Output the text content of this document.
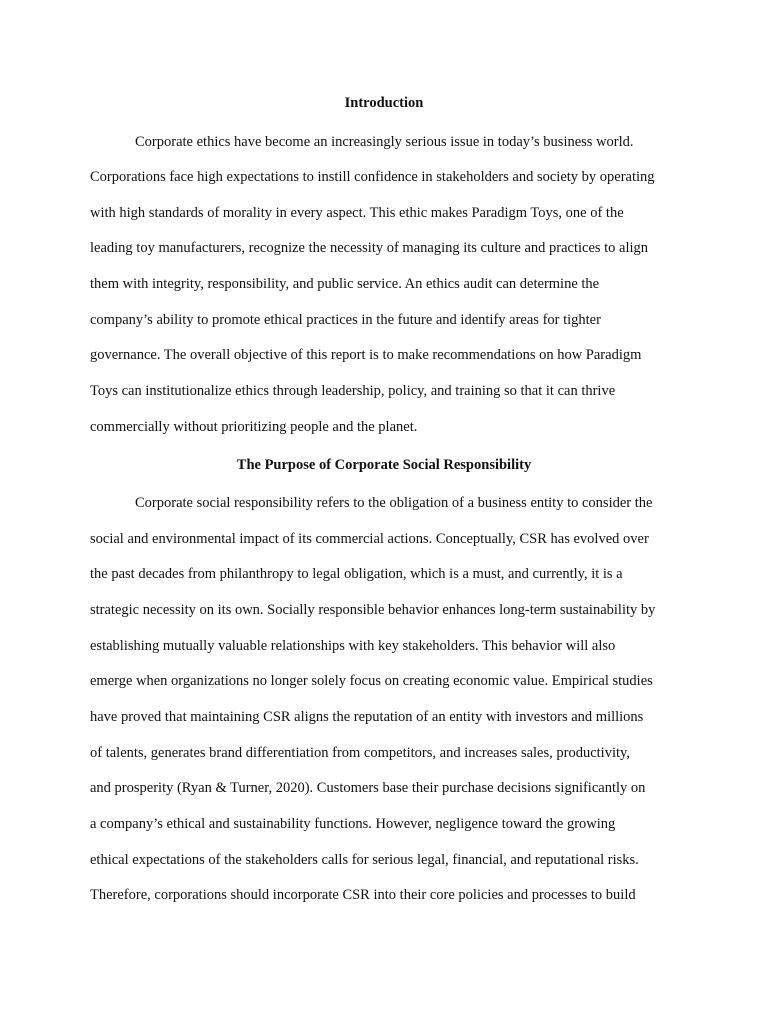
Introduction
Corporate ethics have become an increasingly serious issue in today’s business world.
Corporations face high expectations to instill confidence in stakeholders and society by operating
with high standards of morality in every aspect. This ethic makes Paradigm Toys, one of the
leading toy manufacturers, recognize the necessity of managing its culture and practices to align
them with integrity, responsibility, and public service. An ethics audit can determine the
company’s ability to promote ethical practices in the future and identify areas for tighter
governance. The overall objective of this report is to make recommendations on how Paradigm
Toys can institutionalize ethics through leadership, policy, and training so that it can thrive
commercially without prioritizing people and the planet.
The Purpose of Corporate Social Responsibility
Corporate social responsibility refers to the obligation of a business entity to consider the
social and environmental impact of its commercial actions. Conceptually, CSR has evolved over
the past decades from philanthropy to legal obligation, which is a must, and currently, it is a
strategic necessity on its own. Socially responsible behavior enhances long-term sustainability by
establishing mutually valuable relationships with key stakeholders. This behavior will also
emerge when organizations no longer solely focus on creating economic value. Empirical studies
have proved that maintaining CSR aligns the reputation of an entity with investors and millions
of talents, generates brand differentiation from competitors, and increases sales, productivity,
and prosperity (Ryan & Turner, 2020). Customers base their purchase decisions significantly on
a company’s ethical and sustainability functions. However, negligence toward the growing
ethical expectations of the stakeholders calls for serious legal, financial, and reputational risks.
Therefore, corporations should incorporate CSR into their core policies and processes to build
